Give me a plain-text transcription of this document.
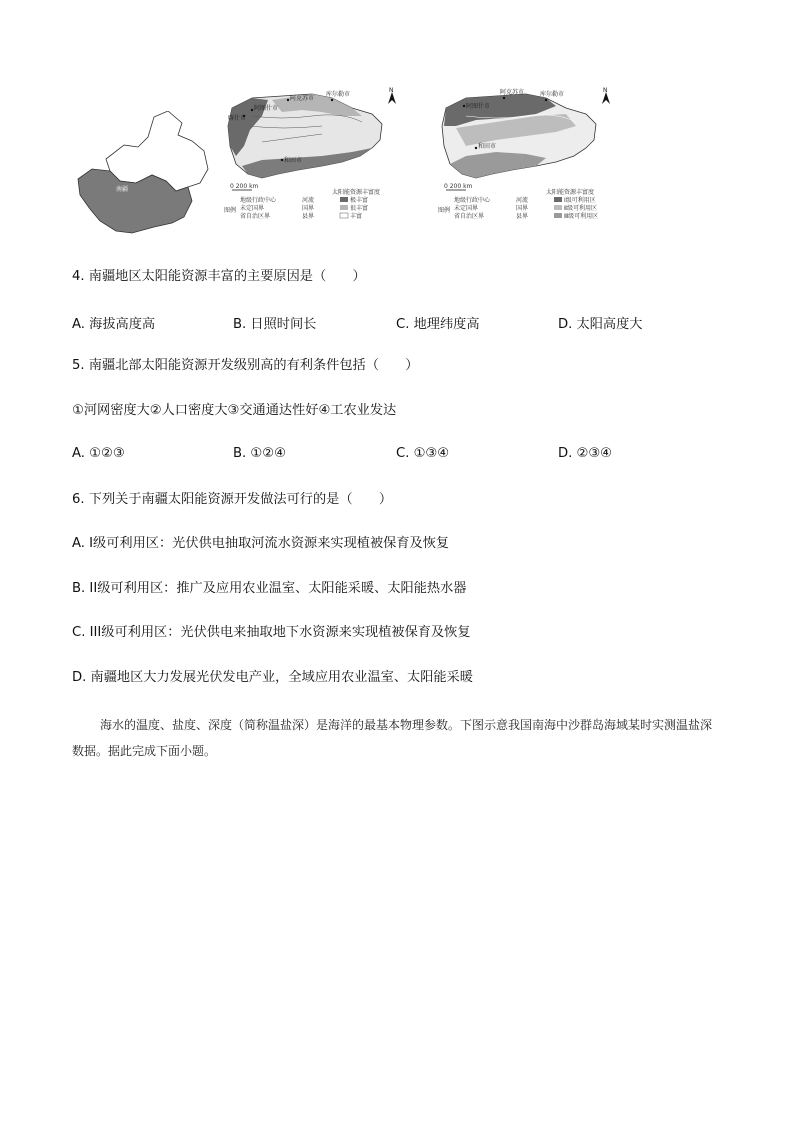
南疆
阿图什市
喀什市
阿克苏市
库尔勒市
和田市
N
0 200 km
太阳能资源丰富度
图例
地级行政中心
未定国界
省自治区界
河流
国界
县界
极丰富
很丰富
丰富
阿图什市
阿克苏市	库尔勒市
和田市
N
0 200 km
太阳能资源丰富度
图例
地级行政中心
未定国界
省自治区界
河流
国界
县界
Ⅰ级可利用区
Ⅱ级可利用区
Ⅲ级可利用区
4. 南疆地区太阳能资源丰富的主要原因是（　　）
A. 海拔高度高	B. 日照时间长	C. 地理纬度高	D. 太阳高度大
5. 南疆北部太阳能资源开发级别高的有利条件包括（　　）
①河网密度大②人口密度大③交通通达性好④工农业发达
A. ①②③	B. ①②④	C. ①③④	D. ②③④
6. 下列关于南疆太阳能资源开发做法可行的是（　　）
A. I级可利用区：光伏供电抽取河流水资源来实现植被保育及恢复
B. II级可利用区：推广及应用农业温室、太阳能采暖、太阳能热水器
C. III级可利用区：光伏供电来抽取地下水资源来实现植被保育及恢复
D. 南疆地区大力发展光伏发电产业，全域应用农业温室、太阳能采暖
海水的温度、盐度、深度（简称温盐深）是海洋的最基本物理参数。下图示意我国南海中沙群岛海域某时实测温盐深数据。据此完成下面小题。
